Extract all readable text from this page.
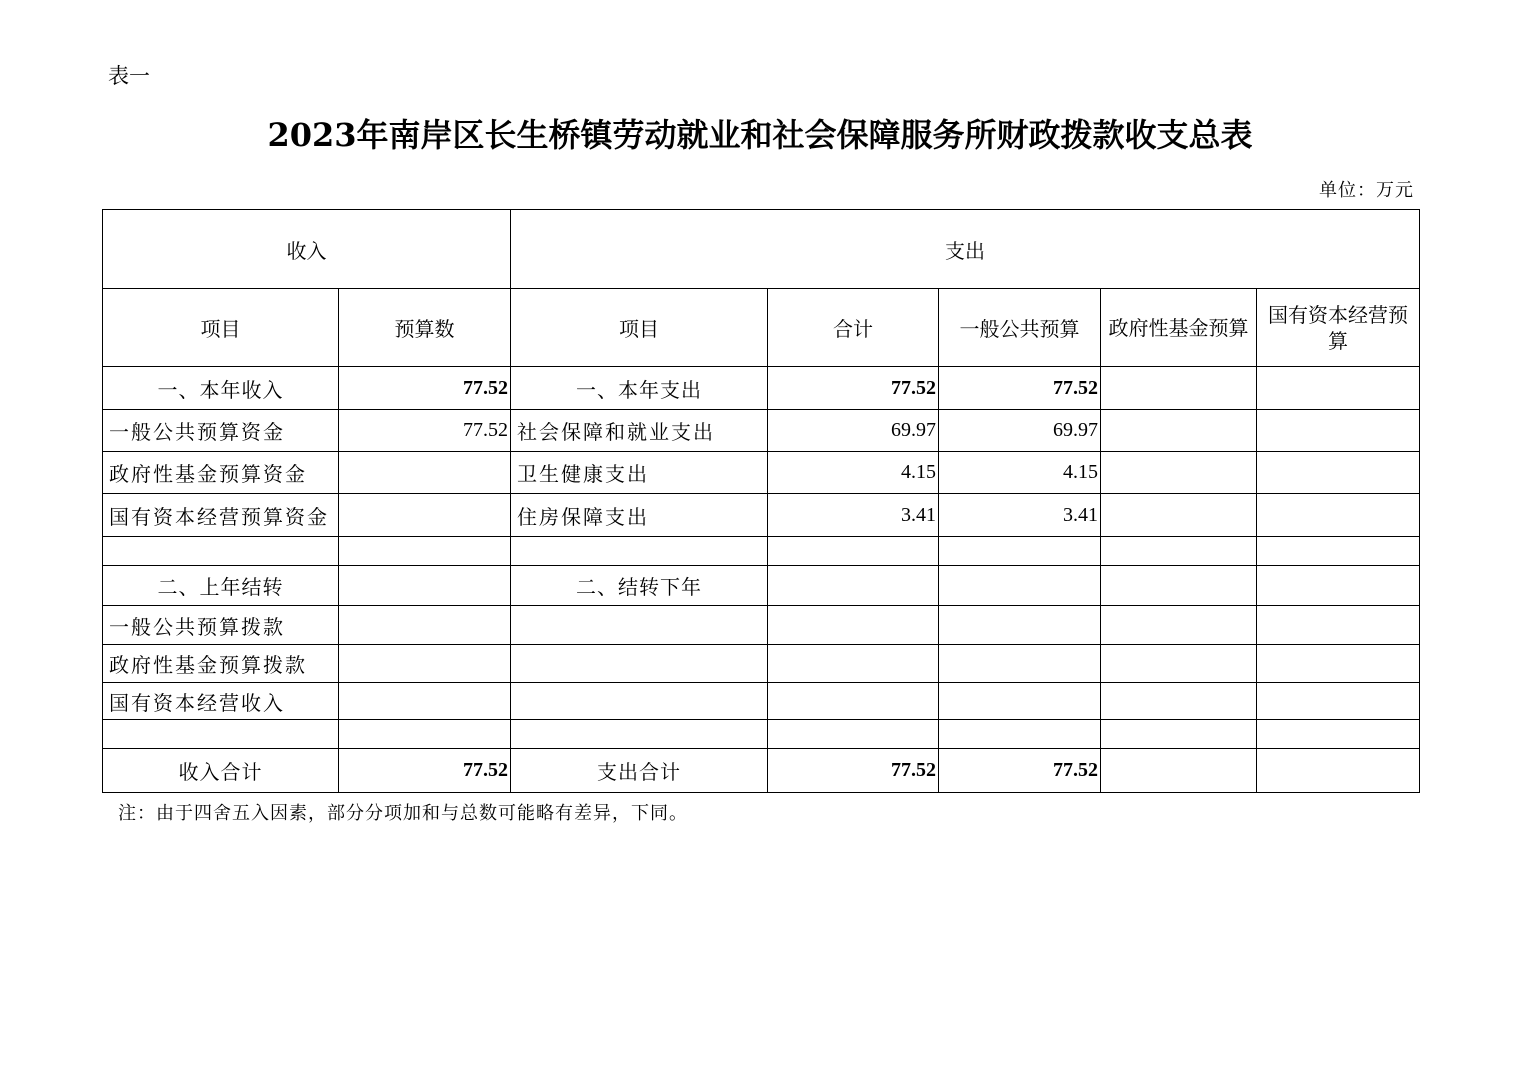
表一
2023年南岸区长生桥镇劳动就业和社会保障服务所财政拨款收支总表
单位：万元
收入		支出				
项目	预算数	项目	合计	一般公共预算	政府性基金预算	国有资本经营预算
一、本年收入	77.52	一、本年支出	77.52	77.52		
一般公共预算资金	77.52	社会保障和就业支出	69.97	69.97		
政府性基金预算资金		卫生健康支出	4.15	4.15		
国有资本经营预算资金		住房保障支出	3.41	3.41		

二、上年结转		二、结转下年				
一般公共预算拨款						
政府性基金预算拨款						
国有资本经营收入						

收入合计	77.52	支出合计	77.52	77.52		
注：由于四舍五入因素，部分分项加和与总数可能略有差异，下同。
